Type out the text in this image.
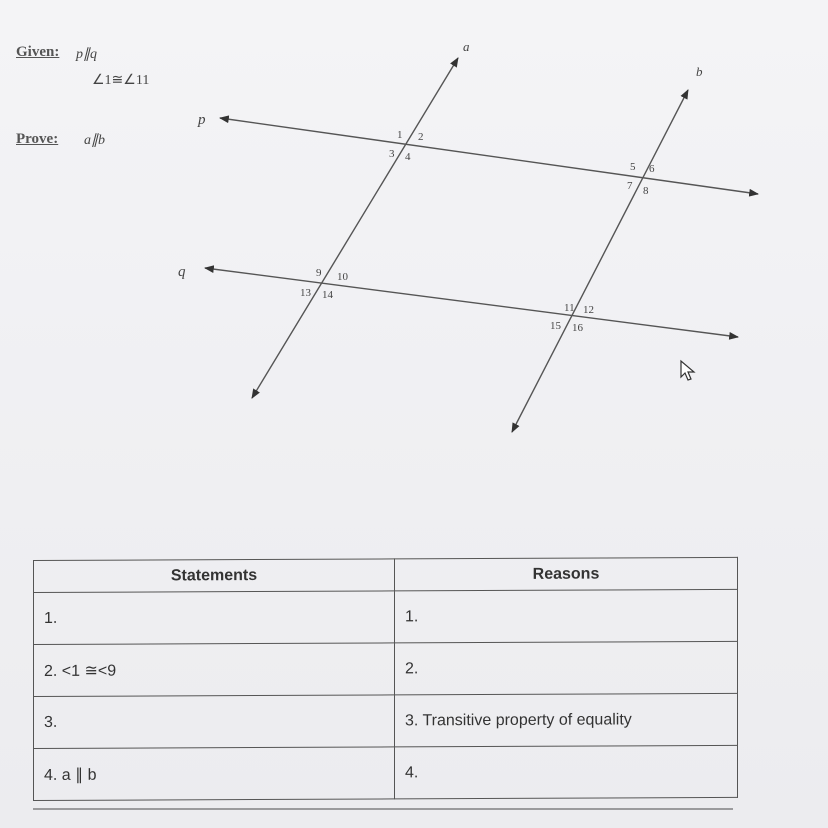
Given: p∥q
∠1≅∠11
Prove: a∥b
a
b
p
q
1 2
3 4
5 6
7 8
9 10
11 12
13 14
15 16
Statements	Reasons
1.	1.
2. <1 ≅<9	2.
3.	3. Transitive property of equality
4. a ∥ b	4.
